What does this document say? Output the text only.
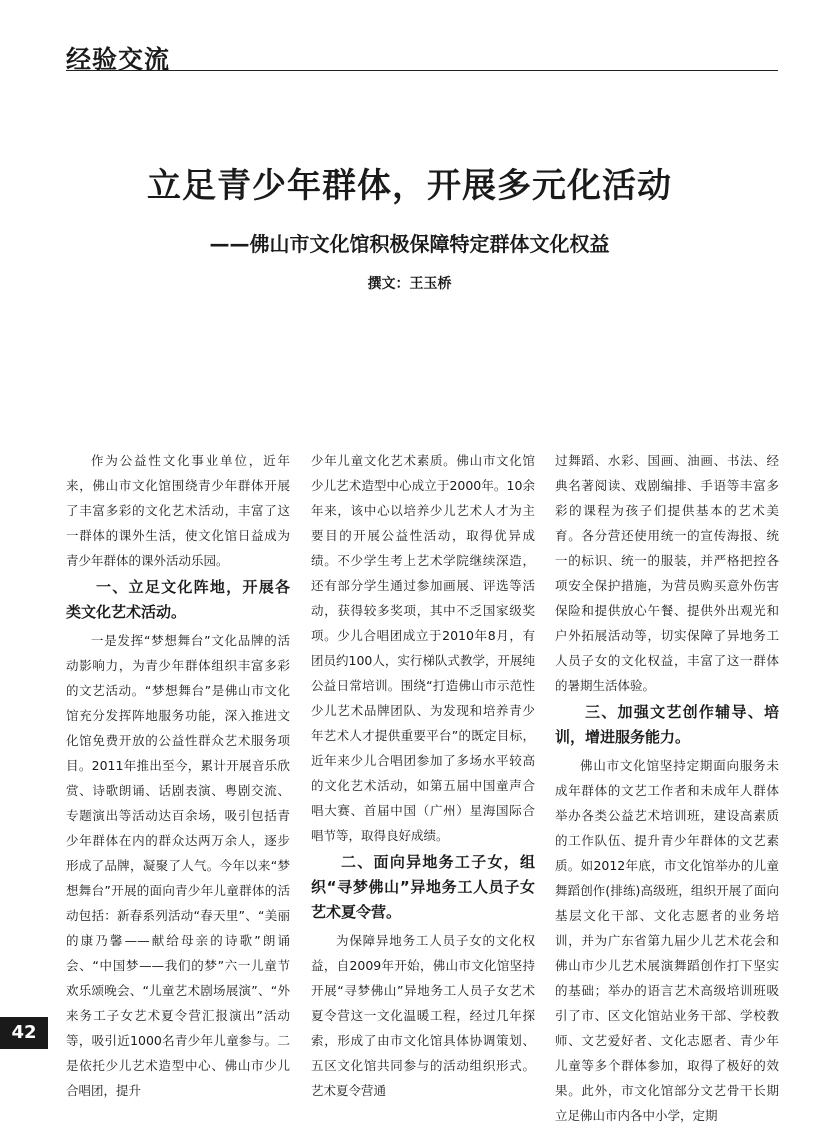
经验交流
立足青少年群体，开展多元化活动
——佛山市文化馆积极保障特定群体文化权益
撰文：王玉桥

作为公益性文化事业单位，近年来，佛山市文化馆围绕青少年群体开展了丰富多彩的文化艺术活动，丰富了这一群体的课外生活，使文化馆日益成为青少年群体的课外活动乐园。

一、立足文化阵地，开展各类文化艺术活动。

一是发挥“梦想舞台”文化品牌的活动影响力，为青少年群体组织丰富多彩的文艺活动。“梦想舞台”是佛山市文化馆充分发挥阵地服务功能，深入推进文化馆免费开放的公益性群众艺术服务项目。2011年推出至今，累计开展音乐欣赏、诗歌朗诵、话剧表演、粤剧交流、专题演出等活动达百余场，吸引包括青少年群体在内的群众达两万余人，逐步形成了品牌，凝聚了人气。今年以来“梦想舞台”开展的面向青少年儿童群体的活动包括：新春系列活动“春天里”、“美丽的康乃馨——献给母亲的诗歌”朗诵会、“中国梦——我们的梦”六一儿童节欢乐颂晚会、“儿童艺术剧场展演”、“外来务工子女艺术夏令营汇报演出”活动等，吸引近1000名青少年儿童参与。二是依托少儿艺术造型中心、佛山市少儿合唱团，提升

少年儿童文化艺术素质。佛山市文化馆少儿艺术造型中心成立于2000年。10余年来，该中心以培养少儿艺术人才为主要目的开展公益性活动，取得优异成绩。不少学生考上艺术学院继续深造，还有部分学生通过参加画展、评选等活动，获得较多奖项，其中不乏国家级奖项。少儿合唱团成立于2010年8月，有团员约100人，实行梯队式教学，开展纯公益日常培训。围绕“打造佛山市示范性少儿艺术品牌团队、为发现和培养青少年艺术人才提供重要平台”的既定目标，近年来少儿合唱团参加了多场水平较高的文化艺术活动，如第五届中国童声合唱大赛、首届中国（广州）星海国际合唱节等，取得良好成绩。

二、面向异地务工子女，组织“寻梦佛山”异地务工人员子女艺术夏令营。

为保障异地务工人员子女的文化权益，自2009年开始，佛山市文化馆坚持开展“寻梦佛山”异地务工人员子女艺术夏令营这一文化温暖工程，经过几年探索，形成了由市文化馆具体协调策划、五区文化馆共同参与的活动组织形式。艺术夏令营通

过舞蹈、水彩、国画、油画、书法、经典名著阅读、戏剧编排、手语等丰富多彩的课程为孩子们提供基本的艺术美育。各分营还使用统一的宣传海报、统一的标识、统一的服装，并严格把控各项安全保护措施，为营员购买意外伤害保险和提供放心午餐、提供外出观光和户外拓展活动等，切实保障了异地务工人员子女的文化权益，丰富了这一群体的暑期生活体验。

三、加强文艺创作辅导、培训，增进服务能力。

佛山市文化馆坚持定期面向服务未成年群体的文艺工作者和未成年人群体举办各类公益艺术培训班，建设高素质的工作队伍、提升青少年群体的文艺素质。如2012年底，市文化馆举办的儿童舞蹈创作(排练)高级班，组织开展了面向基层文化干部、文化志愿者的业务培训，并为广东省第九届少儿艺术花会和佛山市少儿艺术展演舞蹈创作打下坚实的基础；举办的语言艺术高级培训班吸引了市、区文化馆站业务干部、学校教师、文艺爱好者、文化志愿者、青少年儿童等多个群体参加，取得了极好的效果。此外，市文化馆部分文艺骨干长期立足佛山市内各中小学，定期

42
